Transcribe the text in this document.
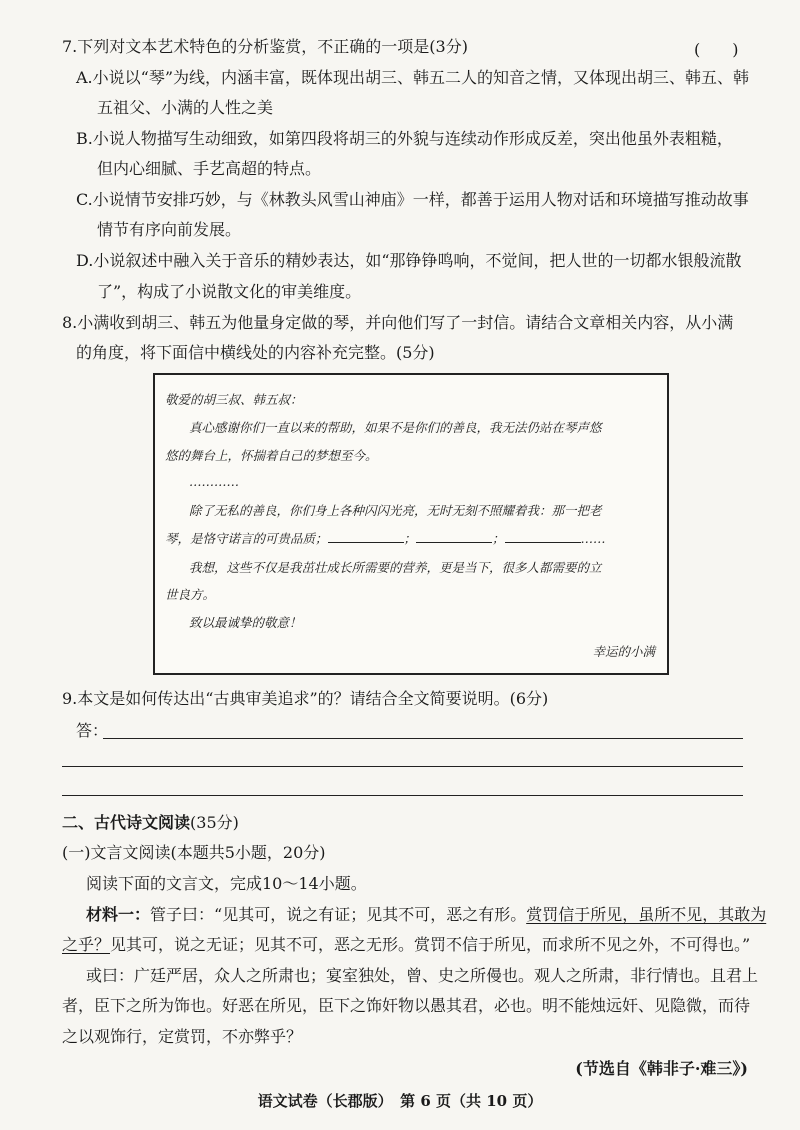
7.下列对文本艺术特色的分析鉴赏，不正确的一项是(3分)	(　　)
A.小说以“琴”为线，内涵丰富，既体现出胡三、韩五二人的知音之情，又体现出胡三、韩五、韩
五祖父、小满的人性之美
B.小说人物描写生动细致，如第四段将胡三的外貌与连续动作形成反差，突出他虽外表粗糙，
但内心细腻、手艺高超的特点。
C.小说情节安排巧妙，与《林教头风雪山神庙》一样，都善于运用人物对话和环境描写推动故事
情节有序向前发展。
D.小说叙述中融入关于音乐的精妙表达，如“那铮铮鸣响，不觉间，把人世的一切都水银般流散
了”，构成了小说散文化的审美维度。
8.小满收到胡三、韩五为他量身定做的琴，并向他们写了一封信。请结合文章相关内容，从小满
的角度，将下面信中横线处的内容补充完整。(5分)
敬爱的胡三叔、韩五叔：
真心感谢你们一直以来的帮助，如果不是你们的善良，我无法仍站在琴声悠
悠的舞台上，怀揣着自己的梦想至今。
…………
除了无私的善良，你们身上各种闪闪光亮，无时无刻不照耀着我：那一把老
琴，是恪守诺言的可贵品质；	；	；	……
我想，这些不仅是我茁壮成长所需要的营养，更是当下，很多人都需要的立
世良方。
致以最诚挚的敬意！
幸运的小满
9.本文是如何传达出“古典审美追求”的？请结合全文简要说明。(6分)
答：
二、古代诗文阅读(35分)
(一)文言文阅读(本题共5小题，20分)
阅读下面的文言文，完成10～14小题。
材料一：管子曰：“见其可，说之有证；见其不可，恶之有形。赏罚信于所见，虽所不见，其敢为
之乎？见其可，说之无证；见其不可，恶之无形。赏罚不信于所见，而求所不见之外，不可得也。”
或曰：广廷严居，众人之所肃也；宴室独处，曾、史之所僈也。观人之所肃，非行情也。且君上
者，臣下之所为饰也。好恶在所见，臣下之饰奸物以愚其君，必也。明不能烛远奸、见隐微，而待
之以观饰行，定赏罚，不亦弊乎？
(节选自《韩非子·难三》)
语文试卷（长郡版）　第 6 页（共 10 页）
